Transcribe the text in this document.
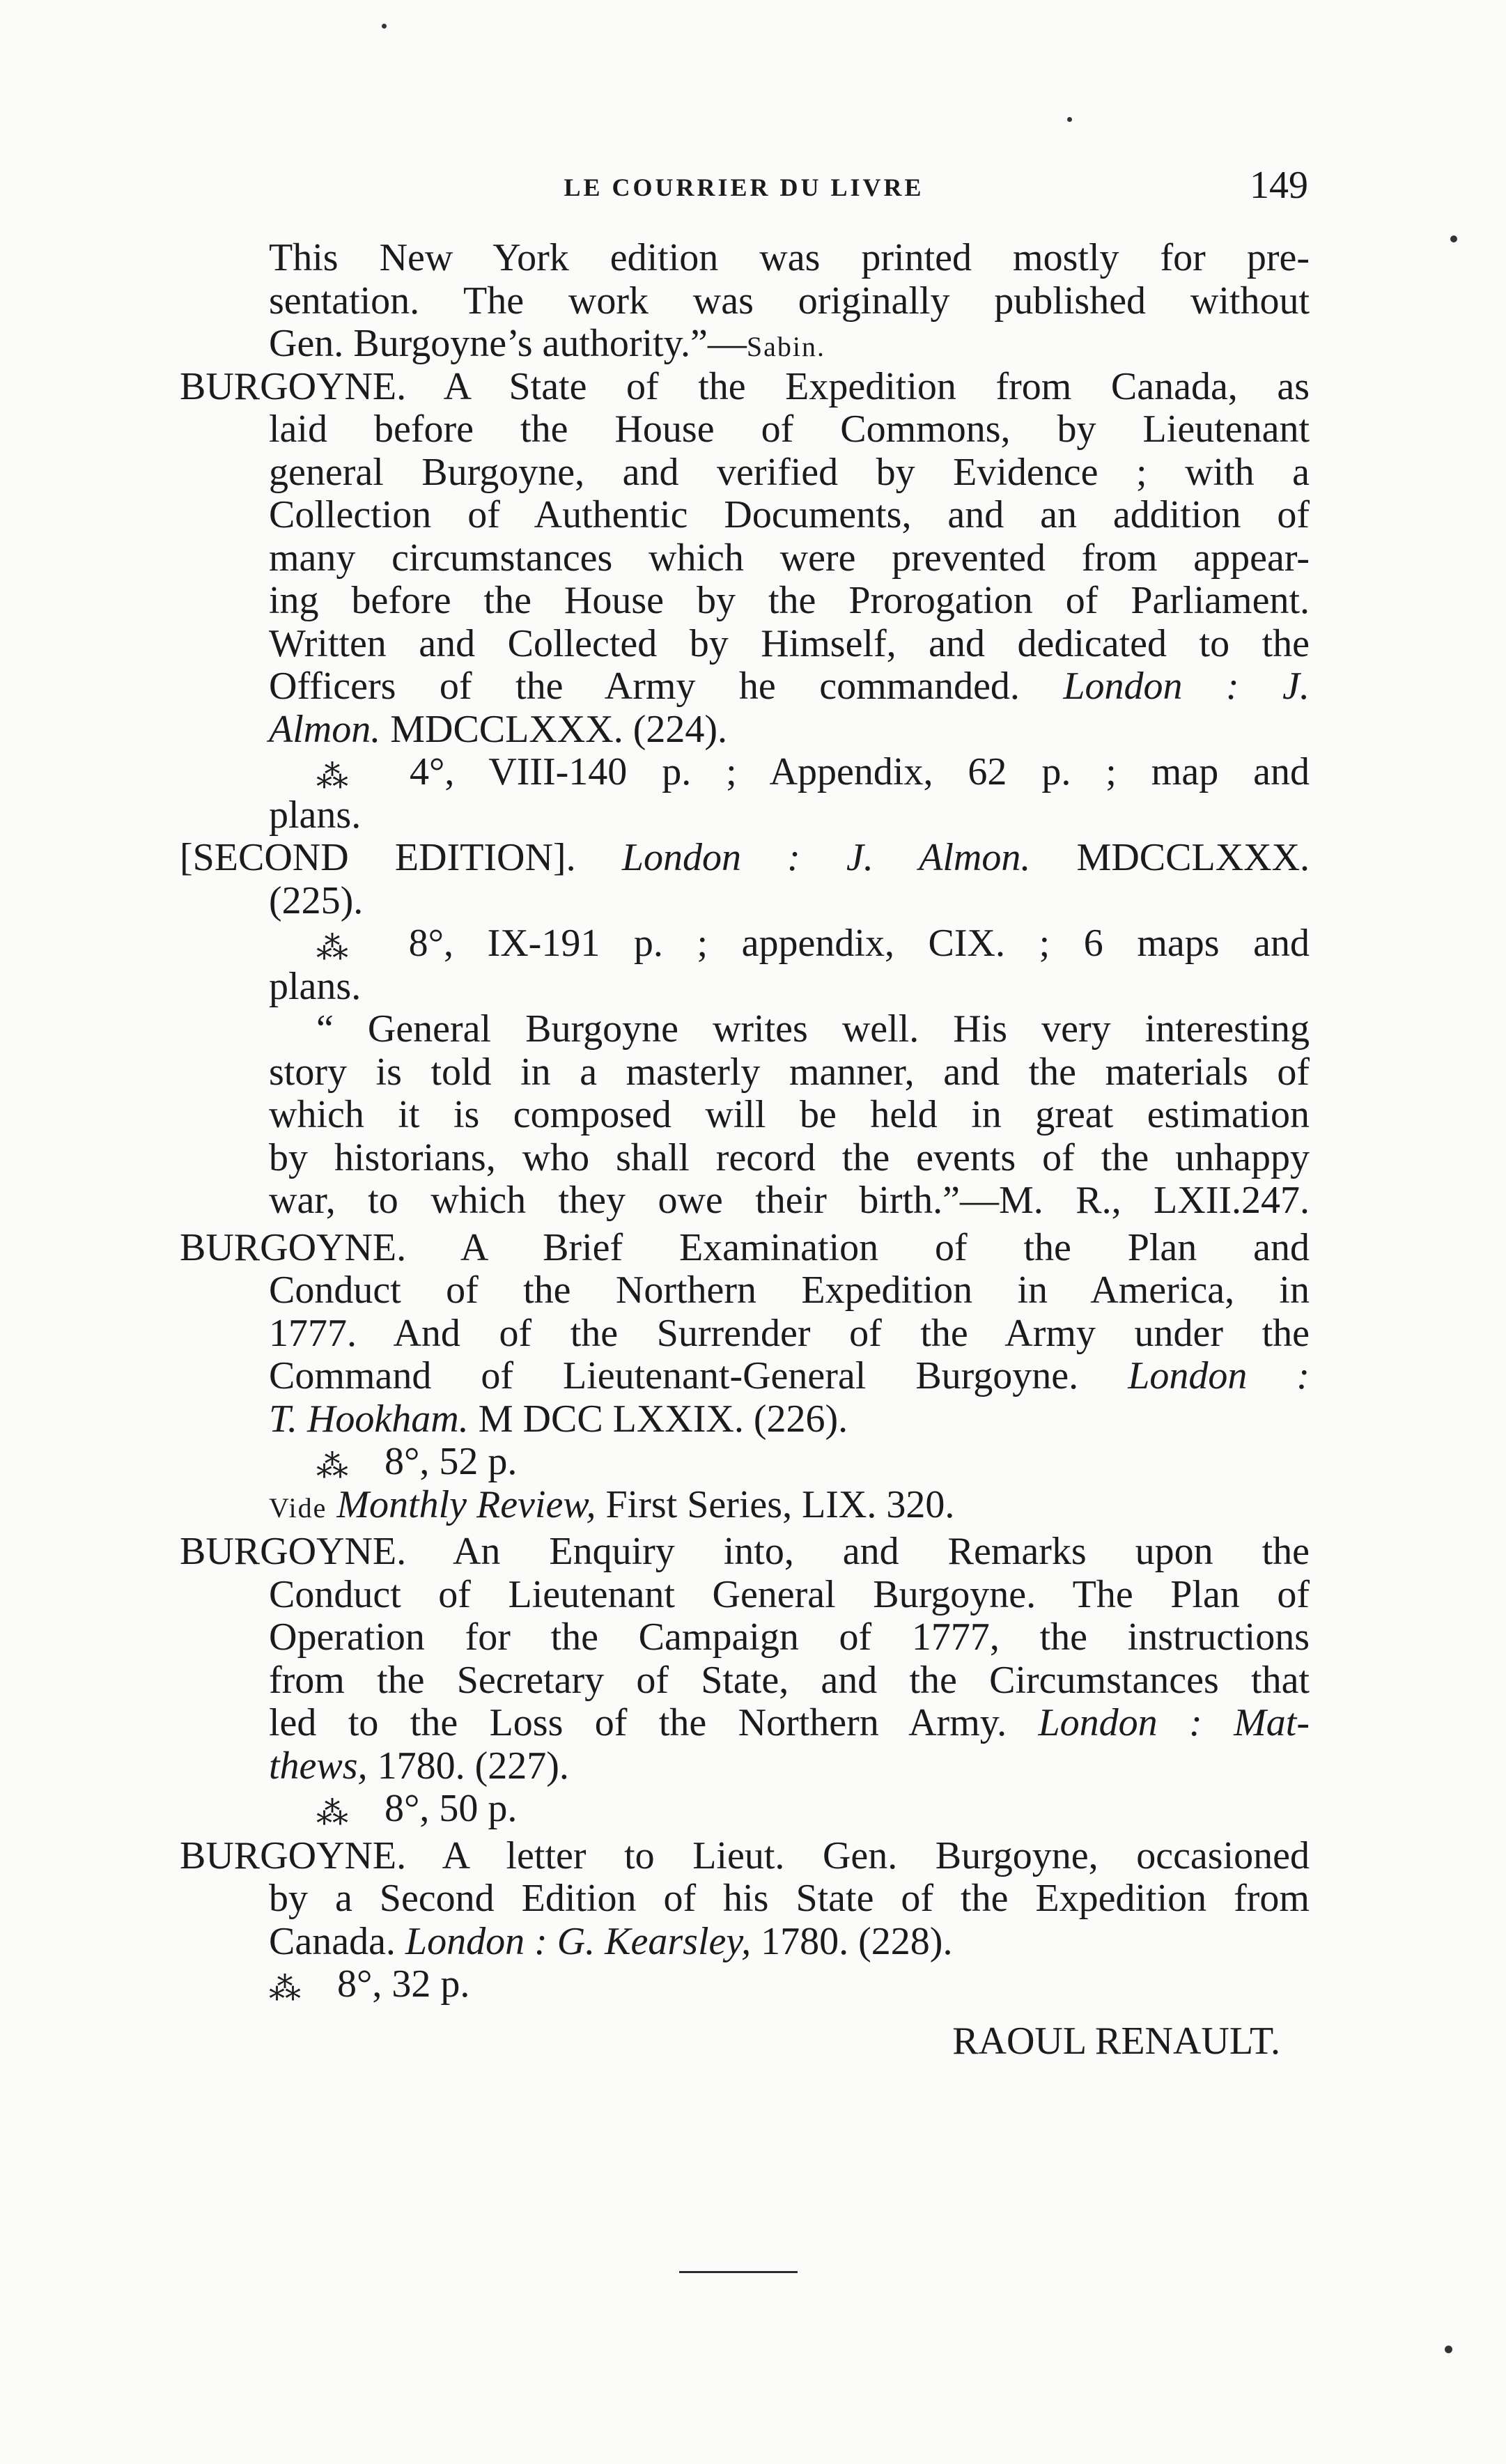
LE COURRIER DU LIVRE	149
This New York edition was printed mostly for pre-
sentation. The work was originally published without
Gen. Burgoyne’s authority.”—Sabin.
BURGOYNE. A State of the Expedition from Canada, as
laid before the House of Commons, by Lieutenant
general Burgoyne, and verified by Evidence ; with a
Collection of Authentic Documents, and an addition of
many circumstances which were prevented from appear-
ing before the House by the Prorogation of Parliament.
Written and Collected by Himself, and dedicated to the
Officers of the Army he commanded. London : J.
Almon. MDCCLXXX. (224).
⁂ 4°, VIII-140 p. ; Appendix, 62 p. ; map and
plans.
[SECOND EDITION]. London : J. Almon. MDCCLXXX.
(225).
⁂ 8°, IX-191 p. ; appendix, CIX. ; 6 maps and
plans.
“ General Burgoyne writes well. His very interesting
story is told in a masterly manner, and the materials of
which it is composed will be held in great estimation
by historians, who shall record the events of the unhappy
war, to which they owe their birth.”—M. R., LXII.247.
BURGOYNE. A Brief Examination of the Plan and
Conduct of the Northern Expedition in America, in
1777. And of the Surrender of the Army under the
Command of Lieutenant-General Burgoyne. London :
T. Hookham. M DCC LXXIX. (226).
⁂ 8°, 52 p.
Vide Monthly Review, First Series, LIX. 320.
BURGOYNE. An Enquiry into, and Remarks upon the
Conduct of Lieutenant General Burgoyne. The Plan of
Operation for the Campaign of 1777, the instructions
from the Secretary of State, and the Circumstances that
led to the Loss of the Northern Army. London : Mat-
thews, 1780. (227).
⁂ 8°, 50 p.
BURGOYNE. A letter to Lieut. Gen. Burgoyne, occasioned
by a Second Edition of his State of the Expedition from
Canada. London : G. Kearsley, 1780. (228).
⁂ 8°, 32 p.
RAOUL RENAULT.
